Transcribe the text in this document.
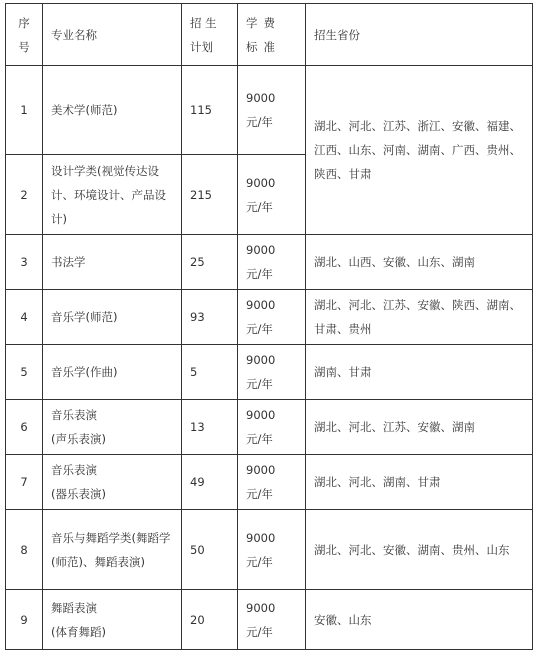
序号	专业名称	招 生 计划	学费标准	招生省份
1	美术学(师范)	115	9000元/年	湖北、河北、江苏、浙江、安徽、福建、江西、山东、河南、湖南、广西、贵州、陕西、甘肃
2	设计学类(视觉传达设计、环境设计、产品设计)	215	9000元/年	
3	书法学	25	9000元/年	湖北、山西、安徽、山东、湖南
4	音乐学(师范)	93	9000元/年	湖北、河北、江苏、安徽、陕西、湖南、甘肃、贵州
5	音乐学(作曲)	5	9000元/年	湖南、甘肃
6	音乐表演(声乐表演)	13	9000元/年	湖北、河北、江苏、安徽、湖南
7	音乐表演(器乐表演)	49	9000元/年	湖北、河北、湖南、甘肃
8	音乐与舞蹈学类(舞蹈学(师范)、舞蹈表演)	50	9000元/年	湖北、河北、安徽、湖南、贵州、山东
9	舞蹈表演(体育舞蹈)	20	9000元/年	安徽、山东
